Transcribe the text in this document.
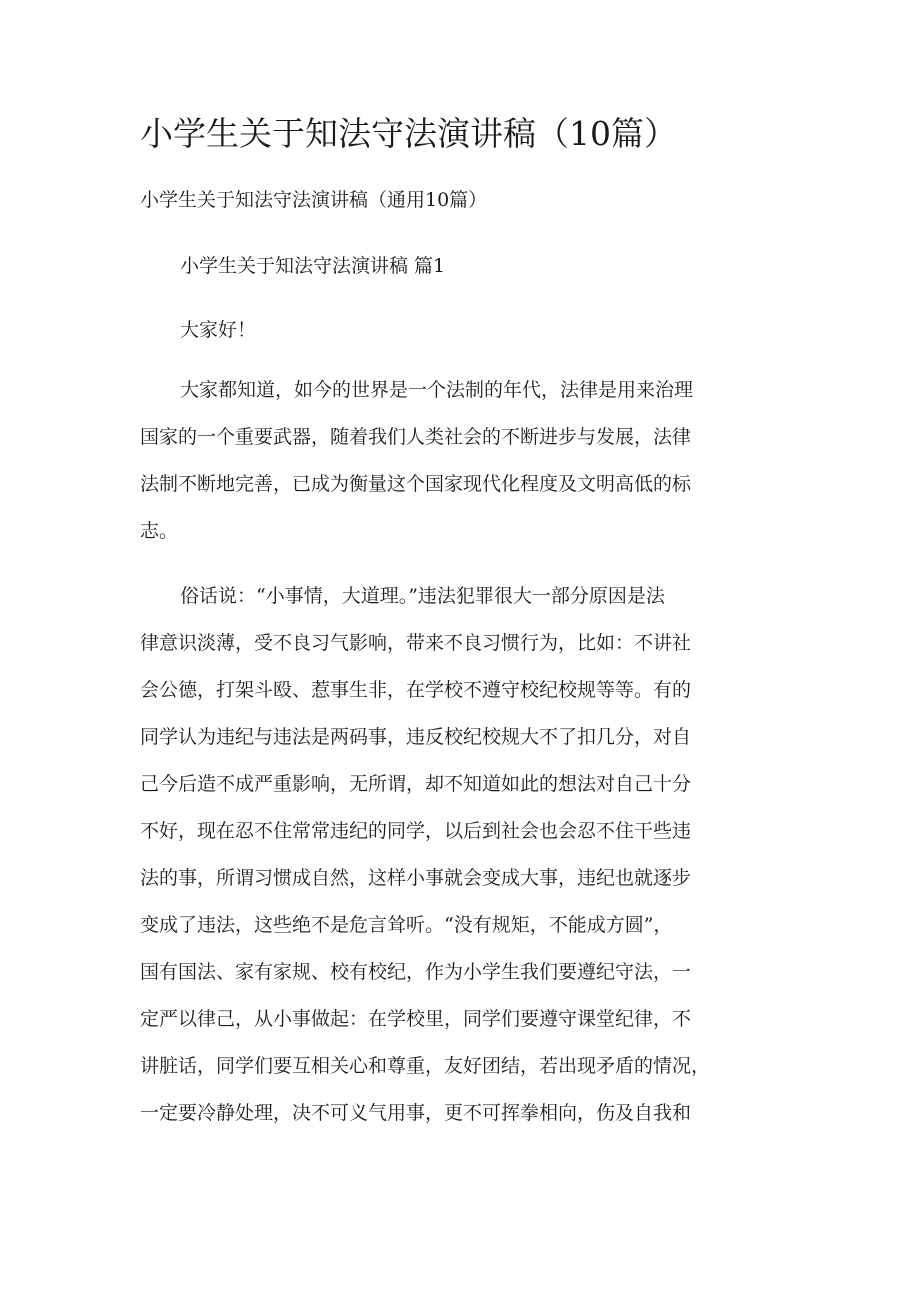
小学生关于知法守法演讲稿（10篇）

小学生关于知法守法演讲稿（通用10篇）

小学生关于知法守法演讲稿 篇1

大家好！

大家都知道，如今的世界是一个法制的年代，法律是用来治理
国家的一个重要武器，随着我们人类社会的不断进步与发展，法律
法制不断地完善，已成为衡量这个国家现代化程度及文明高低的标
志。

俗话说：“小事情，大道理。”违法犯罪很大一部分原因是法
律意识淡薄，受不良习气影响，带来不良习惯行为，比如：不讲社
会公德，打架斗殴、惹事生非，在学校不遵守校纪校规等等。有的
同学认为违纪与违法是两码事，违反校纪校规大不了扣几分，对自
己今后造不成严重影响，无所谓，却不知道如此的想法对自己十分
不好，现在忍不住常常违纪的同学，以后到社会也会忍不住干些违
法的事，所谓习惯成自然，这样小事就会变成大事，违纪也就逐步
变成了违法，这些绝不是危言耸听。“没有规矩，不能成方圆”，
国有国法、家有家规、校有校纪，作为小学生我们要遵纪守法，一
定严以律己，从小事做起：在学校里，同学们要遵守课堂纪律，不
讲脏话，同学们要互相关心和尊重，友好团结，若出现矛盾的情况，
一定要冷静处理，决不可义气用事，更不可挥拳相向，伤及自我和
